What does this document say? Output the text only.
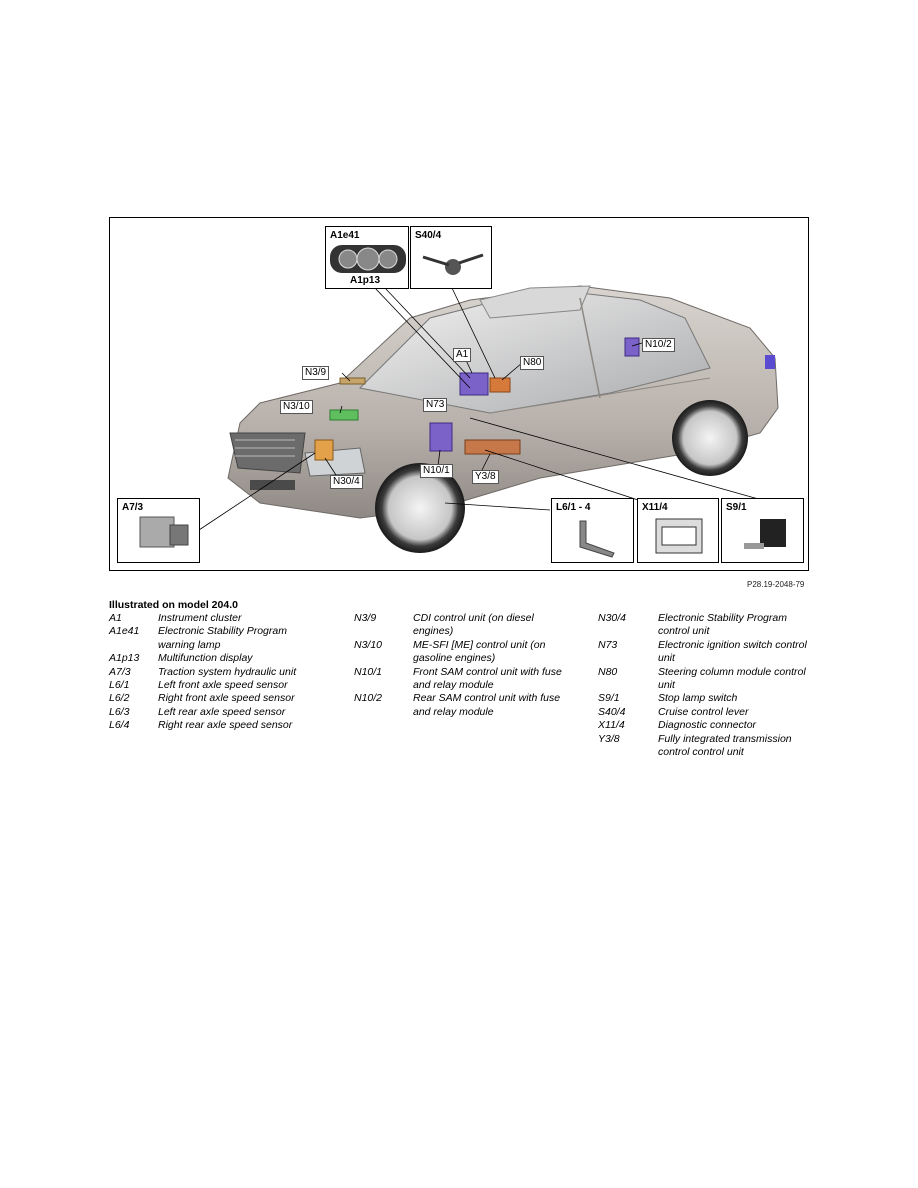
A1
N80
N10/2
N3/9
N73
N3/10
N10/1
Y3/8
N30/4
A1e41
A1p13
S40/4
A7/3	L6/1 - 4	X11/4	S9/1
P28.19-2048-79
Illustrated on model 204.0
A1	Instrument cluster
A1e41	Electronic Stability Program warning lamp
A1p13	Multifunction display
A7/3	Traction system hydraulic unit
L6/1	Left front axle speed sensor
L6/2	Right front axle speed sensor
L6/3	Left rear axle speed sensor
L6/4	Right rear axle speed sensor
N3/9	CDI control unit (on diesel engines)
N3/10	ME-SFI [ME] control unit (on gasoline engines)
N10/1	Front SAM control unit with fuse and relay module
N10/2	Rear SAM control unit with fuse and relay module
N30/4	Electronic Stability Program control unit
N73	Electronic ignition switch control unit
N80	Steering column module control unit
S9/1	Stop lamp switch
S40/4	Cruise control lever
X11/4	Diagnostic connector
Y3/8	Fully integrated transmission control control unit
